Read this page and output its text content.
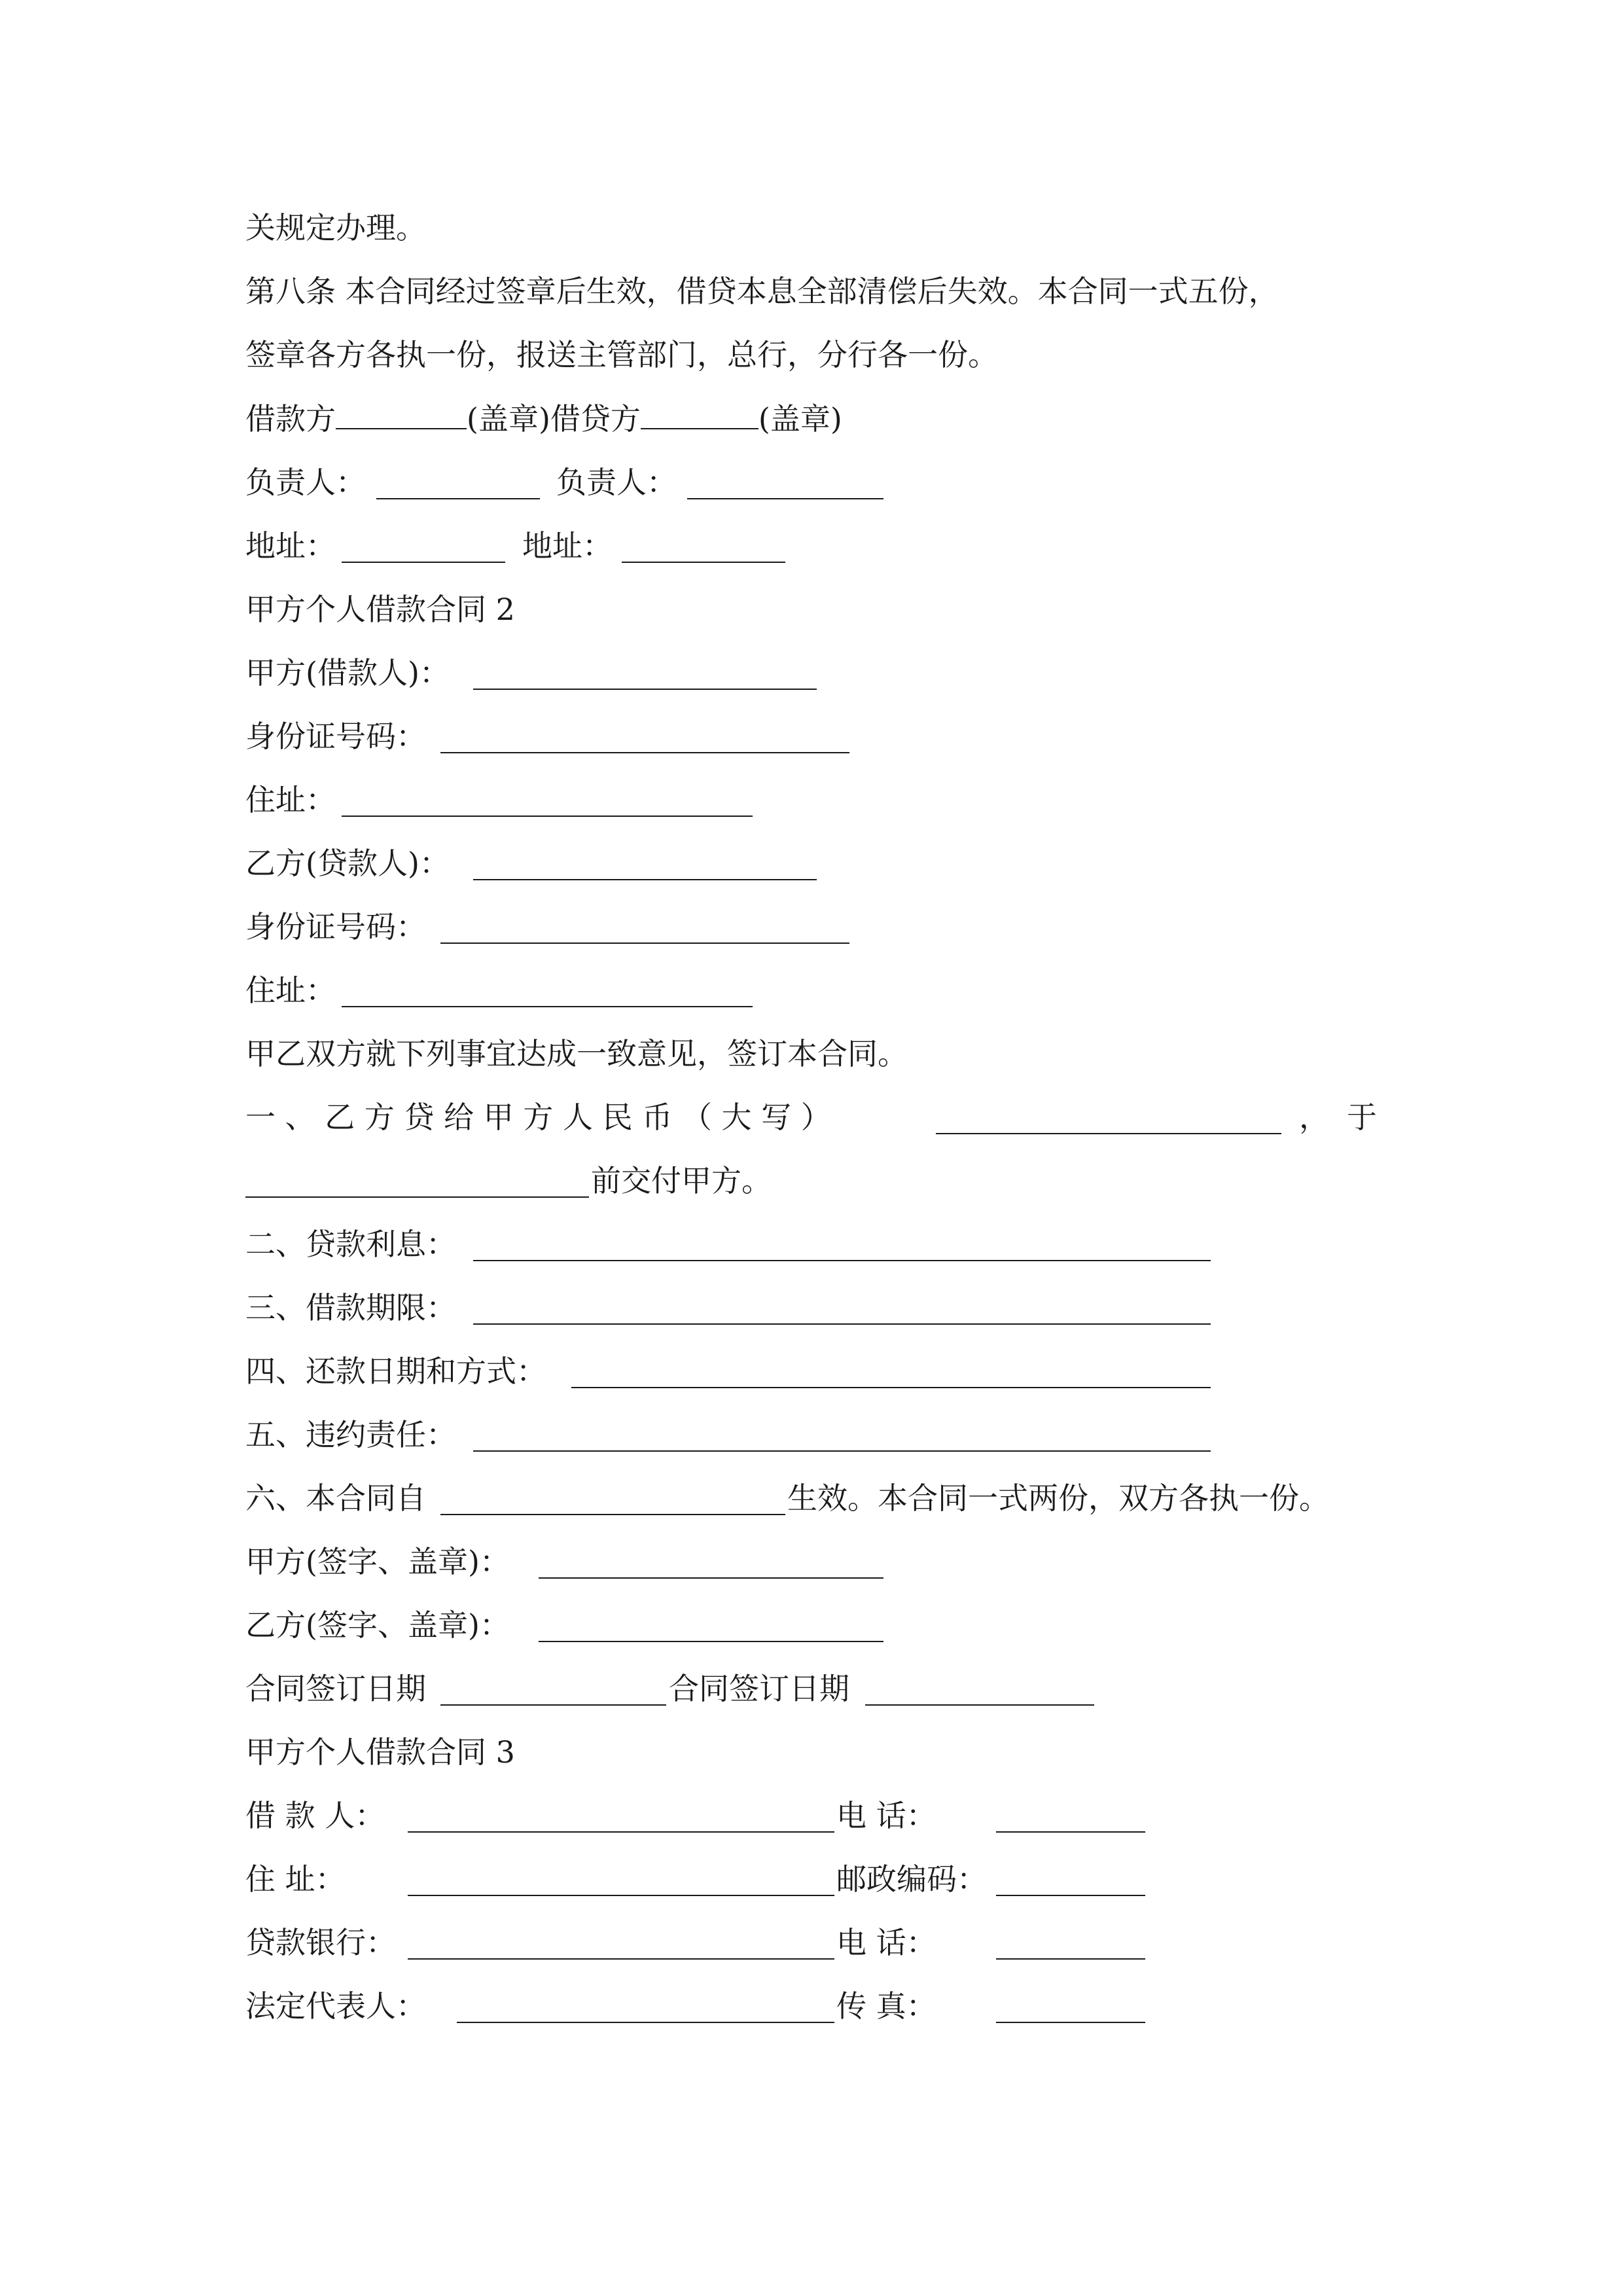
关规定办理。
第八条 本合同经过签章后生效，借贷本息全部清偿后失效。本合同一式五份，
签章各方各执一份，报送主管部门，总行，分行各一份。
借款方	(盖章)借贷方	(盖章)
负责人：	负责人：
地址：	地址：
甲方个人借款合同 2
甲方(借款人)：
身份证号码：
住址：
乙方(贷款人)：
身份证号码：
住址：
甲乙双方就下列事宜达成一致意见，签订本合同。
一 、 乙 方 贷 给 甲 方 人 民 币 （ 大 写 ）	， 于
前交付甲方。
二、贷款利息：
三、借款期限：
四、还款日期和方式：
五、违约责任：
六、本合同自	生效。本合同一式两份，双方各执一份。
甲方(签字、盖章)：
乙方(签字、盖章)：
合同签订日期	合同签订日期
甲方个人借款合同 3
借 款 人：	电 话：
住 址：	邮政编码：
贷款银行：	电 话：
法定代表人：	传 真：
